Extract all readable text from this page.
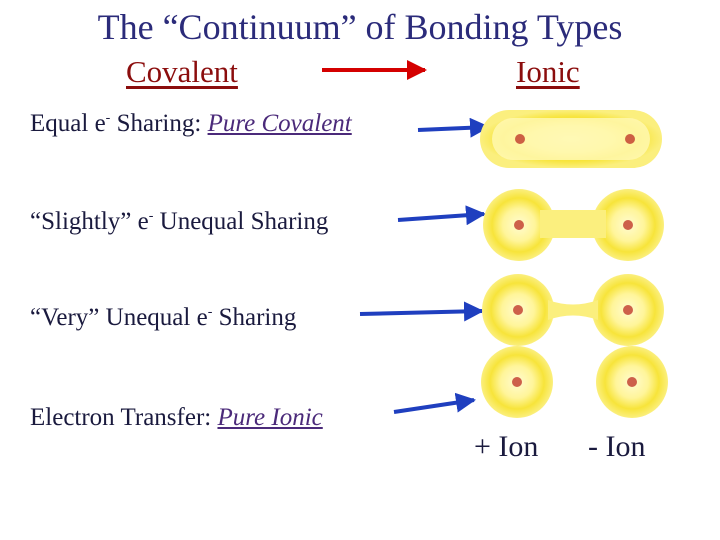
The “Continuum” of Bonding Types
Covalent	Ionic
Equal e- Sharing: Pure Covalent
“Slightly” e- Unequal Sharing
“Very” Unequal e- Sharing
Electron Transfer: Pure Ionic
+ Ion - Ion
